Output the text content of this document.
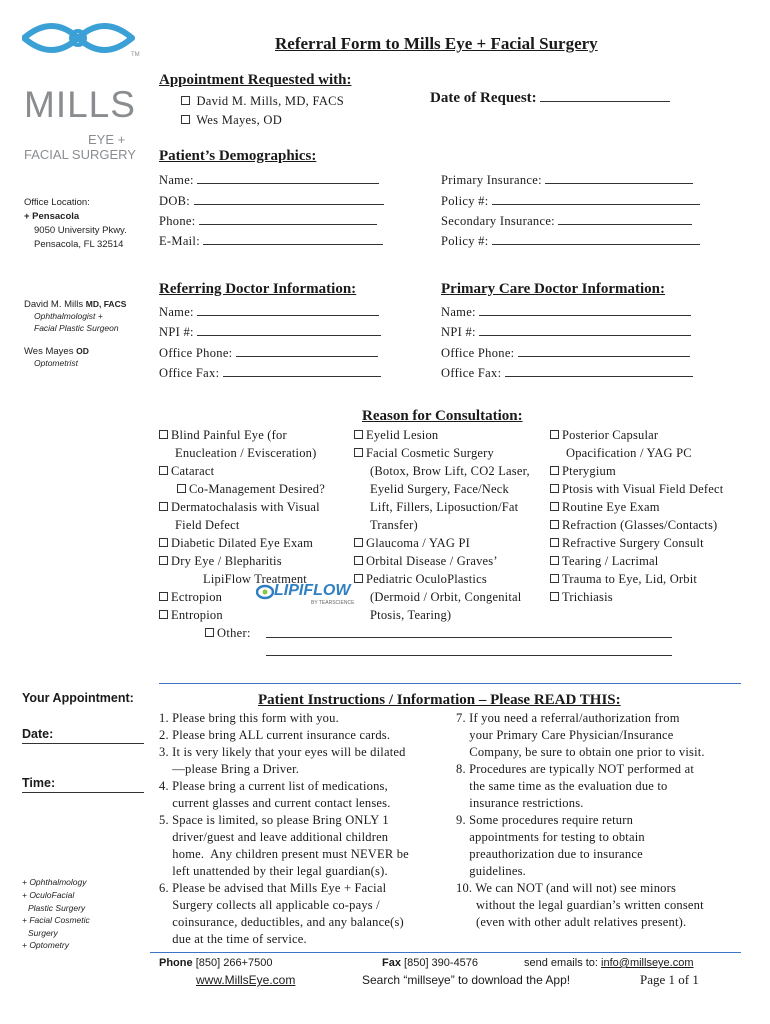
TM
MILLS
EYE +
FACIAL SURGERY
Referral Form to Mills Eye + Facial Surgery
Appointment Requested with:
David M. Mills, MD, FACS
Wes Mayes, OD
Date of Request:
Office Location:
+ Pensacola
9050 University Pkwy.
Pensacola, FL 32514
David M. Mills MD, FACS
Ophthalmologist +
Facial Plastic Surgeon
Wes Mayes OD
Optometrist
Patient’s Demographics:
Name:
DOB:
Phone:
E-Mail:
Primary Insurance:
Policy #:
Secondary Insurance:
Policy #:
Referring Doctor Information:
Name:
NPI #:
Office Phone:
Office Fax:
Primary Care Doctor Information:
Name:
NPI #:
Office Phone:
Office Fax:
Reason for Consultation:
Blind Painful Eye (for
Enucleation / Evisceration)
Cataract
Co-Management Desired?
Dermatochalasis with Visual
Field Defect
Diabetic Dilated Eye Exam
Dry Eye / Blepharitis
LipiFlow Treatment
Ectropion
Entropion
LIPIFLOW
BY TEARSCIENCE
Eyelid Lesion
Facial Cosmetic Surgery
(Botox, Brow Lift, CO2 Laser,
Eyelid Surgery, Face/Neck
Lift, Fillers, Liposuction/Fat
Transfer)
Glaucoma / YAG PI
Orbital Disease / Graves’
Pediatric OculoPlastics
(Dermoid / Orbit, Congenital
Ptosis, Tearing)
Posterior Capsular
Opacification / YAG PC
Pterygium
Ptosis with Visual Field Defect
Routine Eye Exam
Refraction (Glasses/Contacts)
Refractive Surgery Consult
Tearing / Lacrimal
Trauma to Eye, Lid, Orbit
Trichiasis
Other:
Your Appointment:
Date:
Time:
+ Ophthalmology
+ OculoFacial
Plastic Surgery
+ Facial Cosmetic
Surgery
+ Optometry
Patient Instructions / Information – Please READ THIS:
1. Please bring this form with you.
2. Please bring ALL current insurance cards.
3. It is very likely that your eyes will be dilated
—please Bring a Driver.
4. Please bring a current list of medications,
current glasses and current contact lenses.
5. Space is limited, so please Bring ONLY 1
driver/guest and leave additional children
home.  Any children present must NEVER be
left unattended by their legal guardian(s).
6. Please be advised that Mills Eye + Facial
Surgery collects all applicable co-pays /
coinsurance, deductibles, and any balance(s)
due at the time of service.
7. If you need a referral/authorization from
your Primary Care Physician/Insurance
Company, be sure to obtain one prior to visit.
8. Procedures are typically NOT performed at
the same time as the evaluation due to
insurance restrictions.
9. Some procedures require return
appointments for testing to obtain
preauthorization due to insurance
guidelines.
10. We can NOT (and will not) see minors
without the legal guardian’s written consent
(even with other adult relatives present).
Phone [850] 266+7500	Fax [850] 390-4576	send emails to: info@millseye.com
www.MillsEye.com	Search “millseye” to download the App!	Page 1 of 1
